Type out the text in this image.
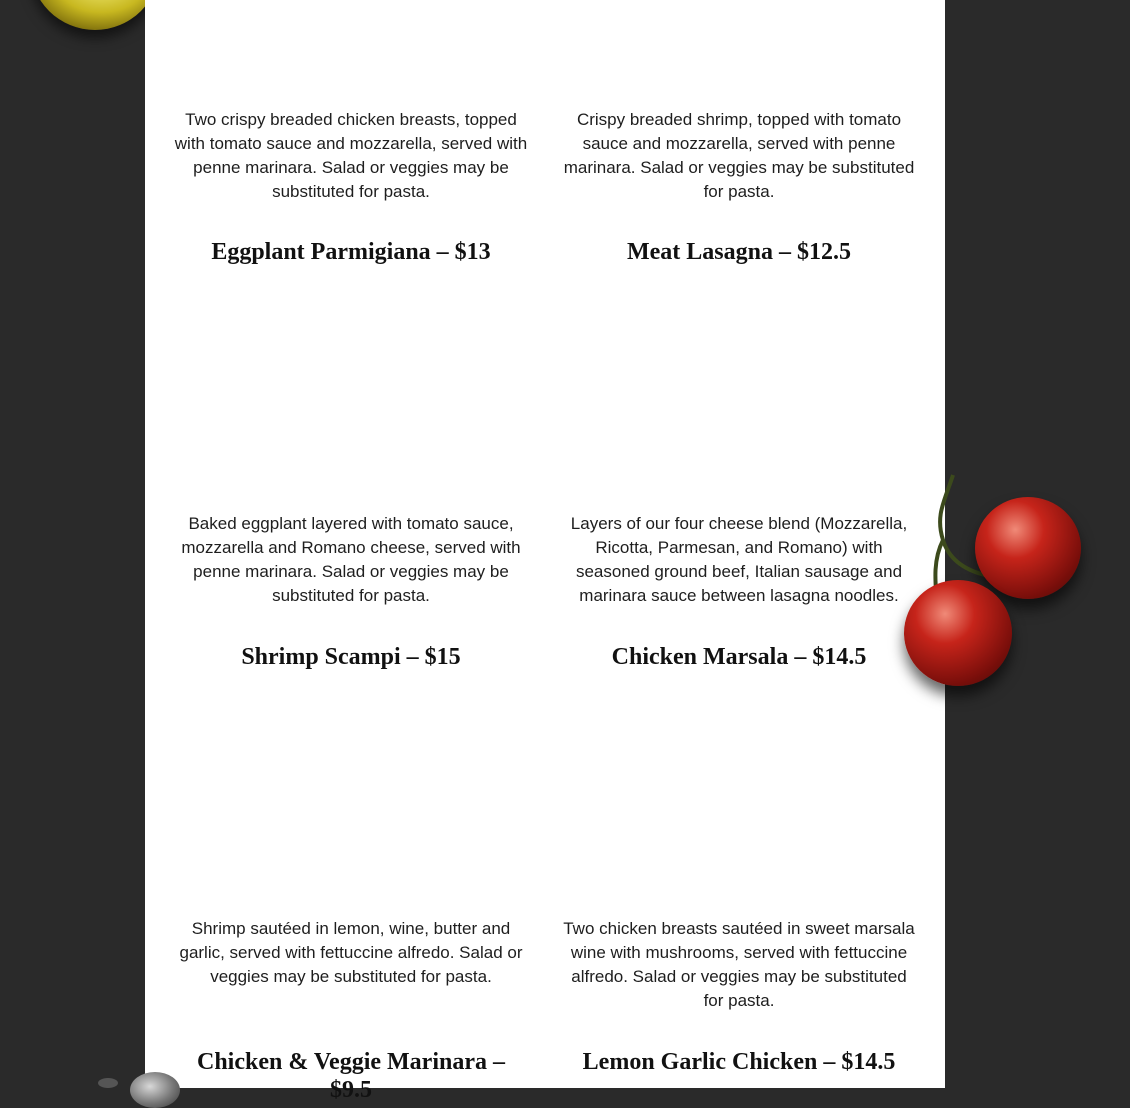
Two crispy breaded chicken breasts, topped with tomato sauce and mozzarella, served with penne marinara. Salad or veggies may be substituted for pasta.
Crispy breaded shrimp, topped with tomato sauce and mozzarella, served with penne marinara. Salad or veggies may be substituted for pasta.
Eggplant Parmigiana – $13	Meat Lasagna – $12.5
Baked eggplant layered with tomato sauce, mozzarella and Romano cheese, served with penne marinara. Salad or veggies may be substituted for pasta.
Layers of our four cheese blend (Mozzarella, Ricotta, Parmesan, and Romano) with seasoned ground beef, Italian sausage and marinara sauce between lasagna noodles.
Shrimp Scampi – $15	Chicken Marsala – $14.5
Shrimp sautéed in lemon, wine, butter and garlic, served with fettuccine alfredo. Salad or veggies may be substituted for pasta.
Two chicken breasts sautéed in sweet marsala wine with mushrooms, served with fettuccine alfredo. Salad or veggies may be substituted for pasta.
Chicken & Veggie Marinara – $9.5
Lemon Garlic Chicken – $14.5
